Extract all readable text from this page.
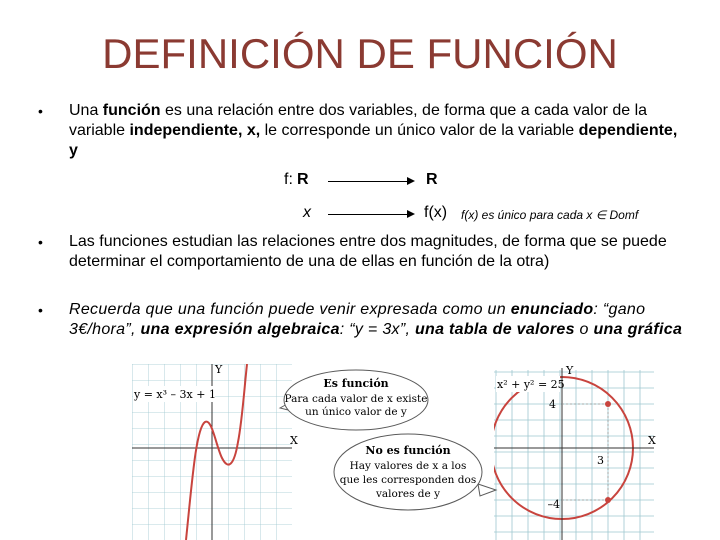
DEFINICIÓN DE FUNCIÓN
• Una función es una relación entre dos variables, de forma que a cada valor de la variable independiente, x, le corresponde un único valor de la variable dependiente, y
f: R	R
x	f(x) f(x) es único para cada x ∈ Domf
• Las funciones estudian las relaciones entre dos magnitudes, de forma que se puede determinar el comportamiento de una de ellas en función de la otra)
• Recuerda que una función puede venir expresada como un enunciado: “gano 3€/hora”, una expresión algebraica: “y = 3x”, una tabla de valores o una gráfica
y = x³ – 3x + 1
Y
X
x² + y² = 25
Y
X
4
–4
3
Es función
Para cada valor de x existe
un único valor de y
No es función
Hay valores de x a los
que les corresponden dos
valores de y
